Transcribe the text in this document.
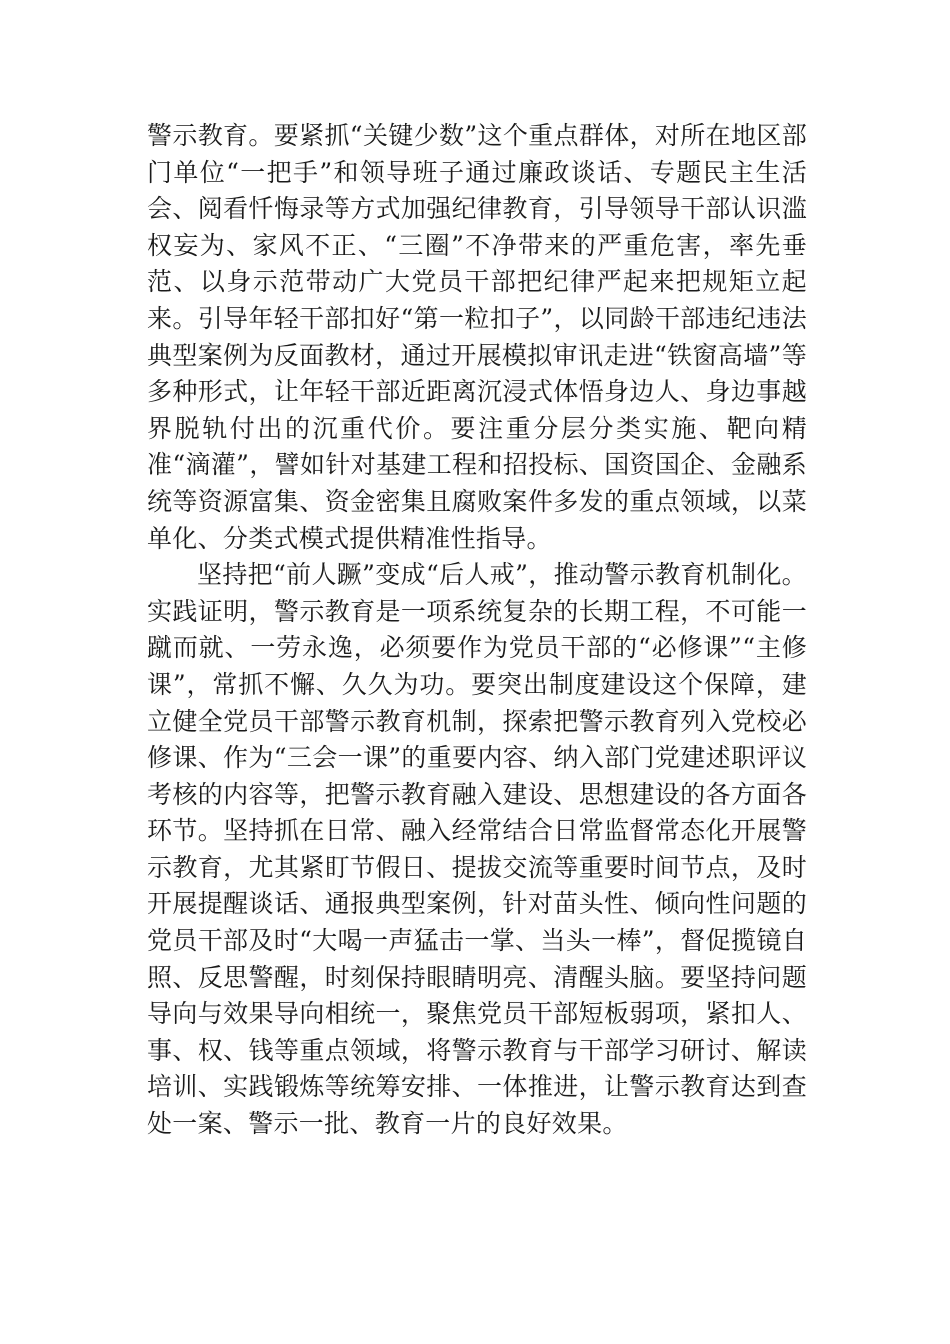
警示教育。要紧抓“关键少数”这个重点群体，对所在地区部门单位“一把手”和领导班子通过廉政谈话、专题民主生活会、阅看忏悔录等方式加强纪律教育，引导领导干部认识滥权妄为、家风不正、“三圈”不净带来的严重危害，率先垂范、以身示范带动广大党员干部把纪律严起来把规矩立起来。引导年轻干部扣好“第一粒扣子”，以同龄干部违纪违法典型案例为反面教材，通过开展模拟审讯走进“铁窗高墙”等多种形式，让年轻干部近距离沉浸式体悟身边人、身边事越界脱轨付出的沉重代价。要注重分层分类实施、靶向精准“滴灌”，譬如针对基建工程和招投标、国资国企、金融系统等资源富集、资金密集且腐败案件多发的重点领域，以菜单化、分类式模式提供精准性指导。

坚持把“前人蹶”变成“后人戒”，推动警示教育机制化。实践证明，警示教育是一项系统复杂的长期工程，不可能一蹴而就、一劳永逸，必须要作为党员干部的“必修课”“主修课”，常抓不懈、久久为功。要突出制度建设这个保障，建立健全党员干部警示教育机制，探索把警示教育列入党校必修课、作为“三会一课”的重要内容、纳入部门党建述职评议考核的内容等，把警示教育融入建设、思想建设的各方面各环节。坚持抓在日常、融入经常结合日常监督常态化开展警示教育，尤其紧盯节假日、提拔交流等重要时间节点，及时开展提醒谈话、通报典型案例，针对苗头性、倾向性问题的党员干部及时“大喝一声猛击一掌、当头一棒”，督促揽镜自照、反思警醒，时刻保持眼睛明亮、清醒头脑。要坚持问题导向与效果导向相统一，聚焦党员干部短板弱项，紧扣人、事、权、钱等重点领域，将警示教育与干部学习研讨、解读培训、实践锻炼等统筹安排、一体推进，让警示教育达到查处一案、警示一批、教育一片的良好效果。
